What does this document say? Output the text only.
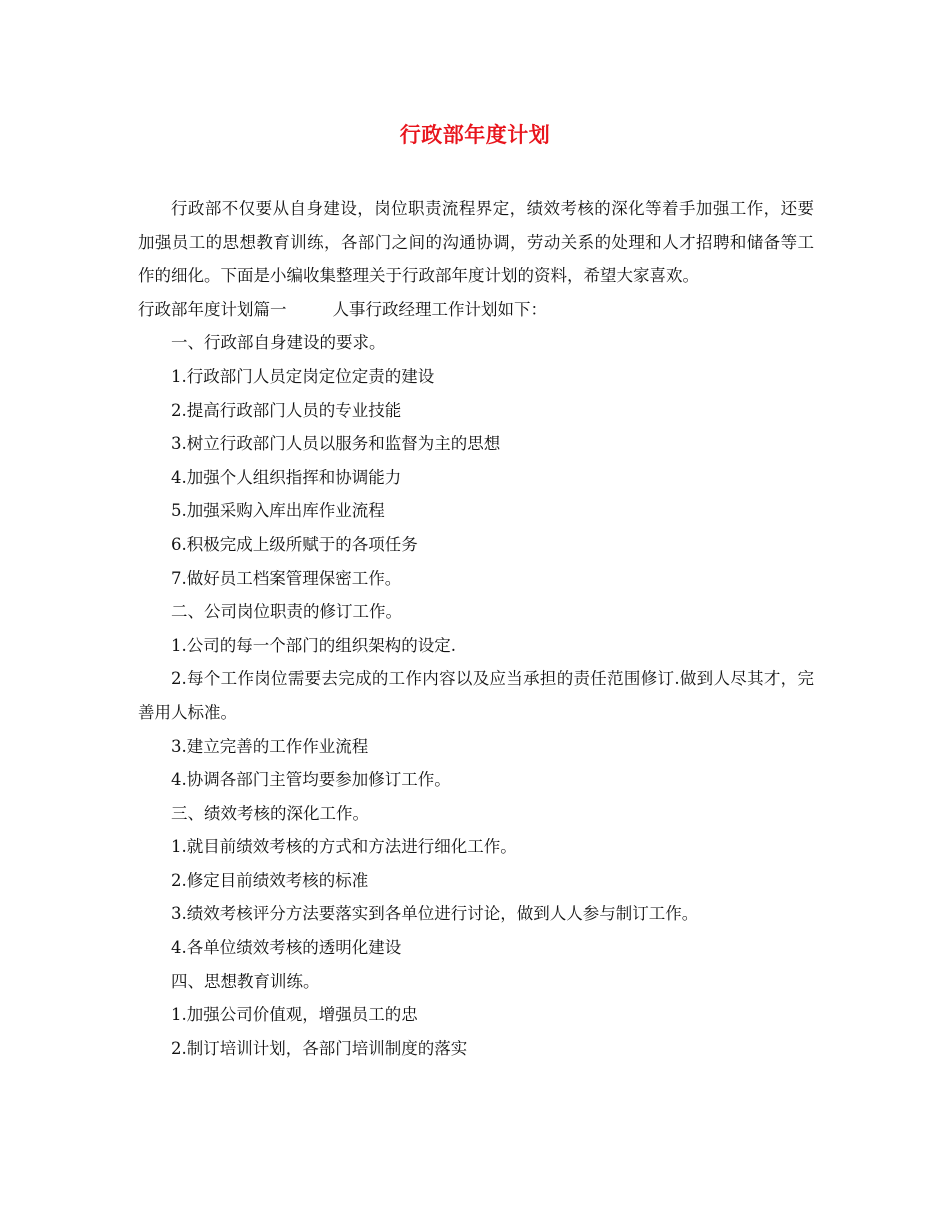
行政部年度计划

行政部不仅要从自身建设，岗位职责流程界定，绩效考核的深化等着手加强工作，还要加强员工的思想教育训练，各部门之间的沟通协调，劳动关系的处理和人才招聘和储备等工作的细化。下面是小编收集整理关于行政部年度计划的资料，希望大家喜欢。

行政部年度计划篇一	人事行政经理工作计划如下：

一、行政部自身建设的要求。

1.行政部门人员定岗定位定责的建设

2.提高行政部门人员的专业技能

3.树立行政部门人员以服务和监督为主的思想

4.加强个人组织指挥和协调能力

5.加强采购入库出库作业流程

6.积极完成上级所赋于的各项任务

7.做好员工档案管理保密工作。

二、公司岗位职责的修订工作。

1.公司的每一个部门的组织架构的设定.

2.每个工作岗位需要去完成的工作内容以及应当承担的责任范围修订.做到人尽其才，完善用人标准。

3.建立完善的工作作业流程

4.协调各部门主管均要参加修订工作。

三、绩效考核的深化工作。

1.就目前绩效考核的方式和方法进行细化工作。

2.修定目前绩效考核的标准

3.绩效考核评分方法要落实到各单位进行讨论，做到人人参与制订工作。

4.各单位绩效考核的透明化建设

四、思想教育训练。

1.加强公司价值观，增强员工的忠

2.制订培训计划，各部门培训制度的落实
